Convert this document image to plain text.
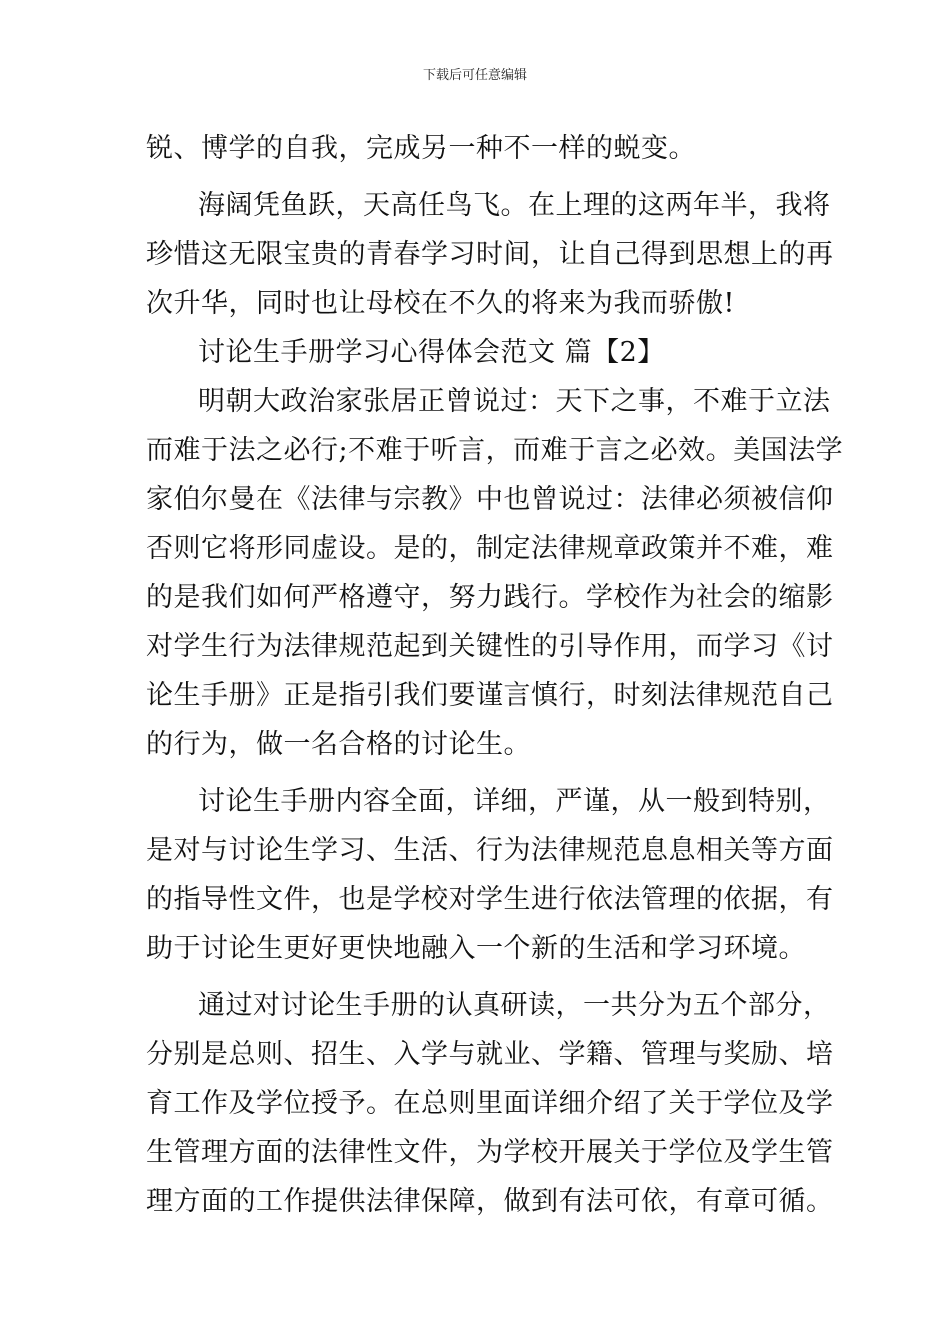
下载后可任意编辑
锐、博学的自我，完成另一种不一样的蜕变。
海阔凭鱼跃，天高任鸟飞。在上理的这两年半，我将
珍惜这无限宝贵的青春学习时间，让自己得到思想上的再
次升华，同时也让母校在不久的将来为我而骄傲!
讨论生手册学习心得体会范文 篇【2】
明朝大政治家张居正曾说过：天下之事，不难于立法
而难于法之必行;不难于听言，而难于言之必效。美国法学
家伯尔曼在《法律与宗教》中也曾说过：法律必须被信仰
否则它将形同虚设。是的，制定法律规章政策并不难，难
的是我们如何严格遵守，努力践行。学校作为社会的缩影
对学生行为法律规范起到关键性的引导作用，而学习《讨
论生手册》正是指引我们要谨言慎行，时刻法律规范自己
的行为，做一名合格的讨论生。
讨论生手册内容全面，详细，严谨，从一般到特别，
是对与讨论生学习、生活、行为法律规范息息相关等方面
的指导性文件，也是学校对学生进行依法管理的依据，有
助于讨论生更好更快地融入一个新的生活和学习环境。
通过对讨论生手册的认真研读，一共分为五个部分，
分别是总则、招生、入学与就业、学籍、管理与奖励、培
育工作及学位授予。在总则里面详细介绍了关于学位及学
生管理方面的法律性文件，为学校开展关于学位及学生管
理方面的工作提供法律保障，做到有法可依，有章可循。
